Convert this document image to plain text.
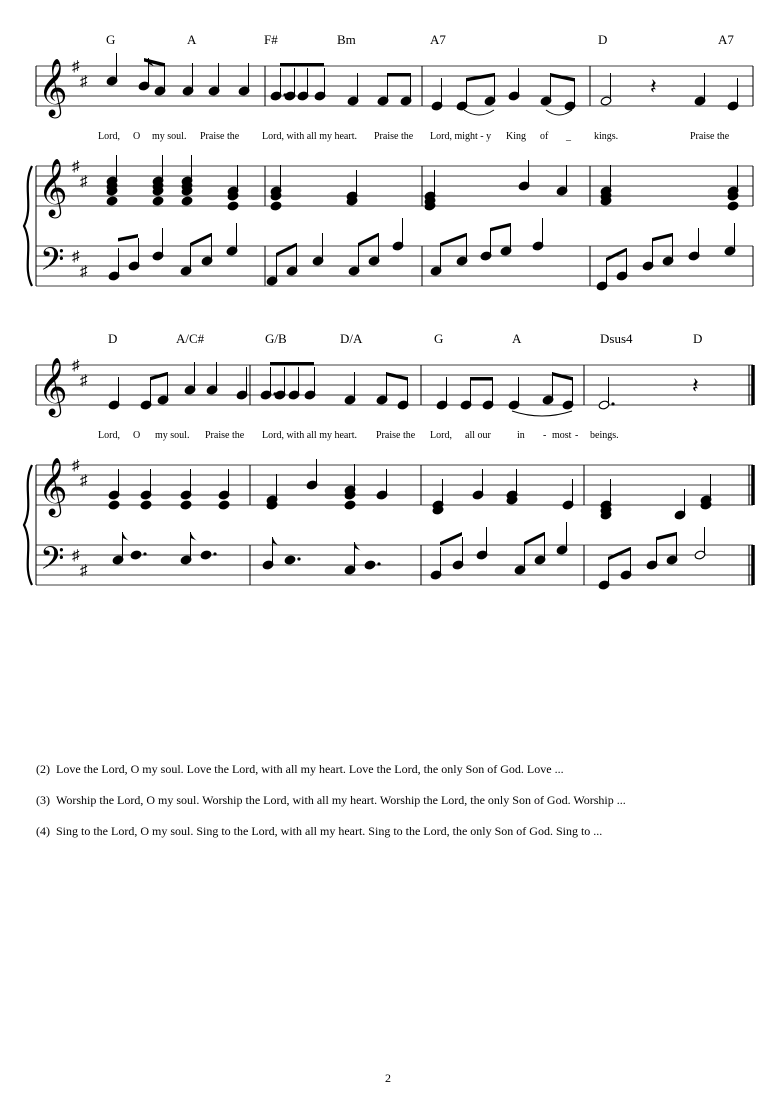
𝄞
𝄞
𝄢
♯
♯
♯
♯
♯
♯
G	A	F#	Bm	A7	D	A7
Lord, O my soul. Praise the Lord, with all my heart. Praise the Lord, might - y King of _ kings.	Praise the
𝄽
𝄞
𝄞
𝄢
♯
♯
♯
♯
♯
♯
D	A/C#	G/B	D/A	G	A	Dsus4	D
Lord, O my soul. Praise the Lord, with all my heart. Praise the Lord, all our	in - most - beings.
𝄽
(2) Love the Lord, O my soul. Love the Lord, with all my heart. Love the Lord, the only Son of God. Love ...
(3) Worship the Lord, O my soul. Worship the Lord, with all my heart. Worship the Lord, the only Son of God. Worship ...
(4) Sing to the Lord, O my soul. Sing to the Lord, with all my heart. Sing to the Lord, the only Son of God. Sing to ...
2
